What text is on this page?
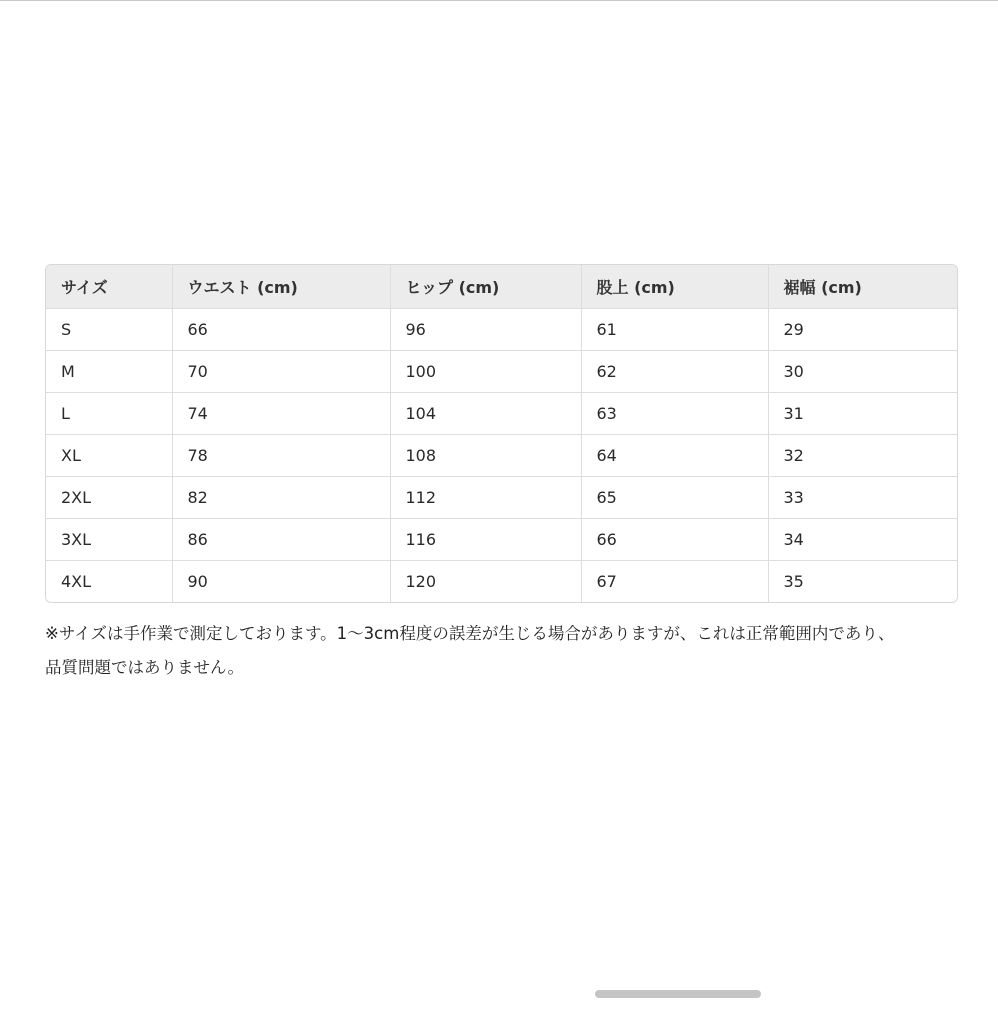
サイズ	ウエスト (cm)	ヒップ (cm)	股上 (cm)	裾幅 (cm)
S	66	96	61	29
M	70	100	62	30
L	74	104	63	31
XL	78	108	64	32
2XL	82	112	65	33
3XL	86	116	66	34
4XL	90	120	67	35
※サイズは手作業で測定しております。1〜3cm程度の誤差が生じる場合がありますが、これは正常範囲内であり、
品質問題ではありません。
